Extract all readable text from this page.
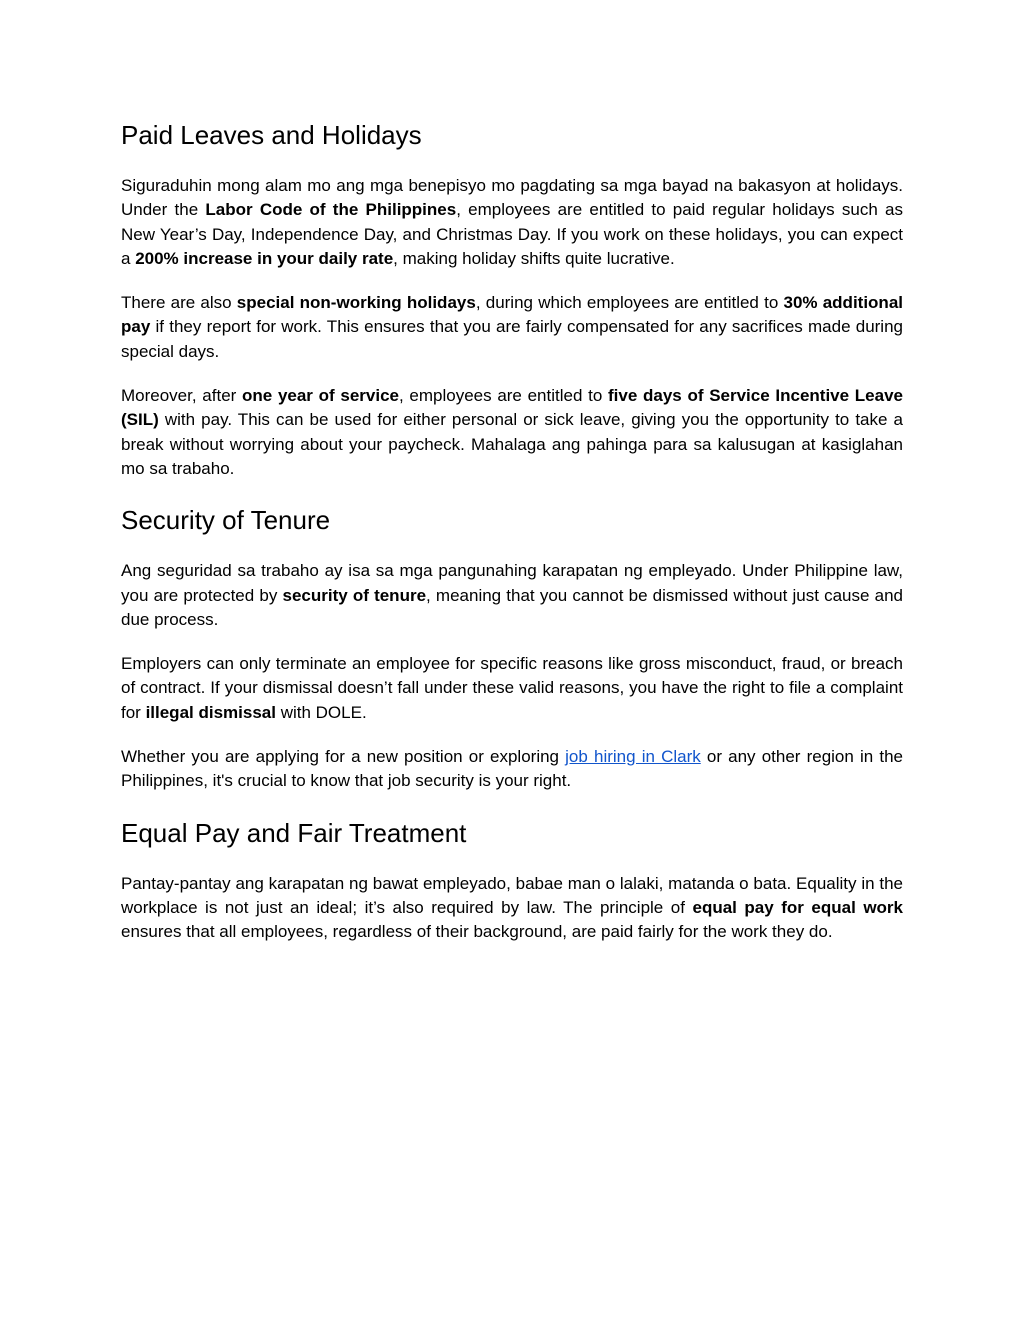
Paid Leaves and Holidays

Siguraduhin mong alam mo ang mga benepisyo mo pagdating sa mga bayad na bakasyon at holidays. Under the Labor Code of the Philippines, employees are entitled to paid regular holidays such as New Year’s Day, Independence Day, and Christmas Day. If you work on these holidays, you can expect a 200% increase in your daily rate, making holiday shifts quite lucrative.

There are also special non-working holidays, during which employees are entitled to 30% additional pay if they report for work. This ensures that you are fairly compensated for any sacrifices made during special days.

Moreover, after one year of service, employees are entitled to five days of Service Incentive Leave (SIL) with pay. This can be used for either personal or sick leave, giving you the opportunity to take a break without worrying about your paycheck. Mahalaga ang pahinga para sa kalusugan at kasiglahan mo sa trabaho.

Security of Tenure

Ang seguridad sa trabaho ay isa sa mga pangunahing karapatan ng empleyado. Under Philippine law, you are protected by security of tenure, meaning that you cannot be dismissed without just cause and due process.

Employers can only terminate an employee for specific reasons like gross misconduct, fraud, or breach of contract. If your dismissal doesn’t fall under these valid reasons, you have the right to file a complaint for illegal dismissal with DOLE.

Whether you are applying for a new position or exploring job hiring in Clark or any other region in the Philippines, it's crucial to know that job security is your right.

Equal Pay and Fair Treatment

Pantay-pantay ang karapatan ng bawat empleyado, babae man o lalaki, matanda o bata. Equality in the workplace is not just an ideal; it’s also required by law. The principle of equal pay for equal work ensures that all employees, regardless of their background, are paid fairly for the work they do.
